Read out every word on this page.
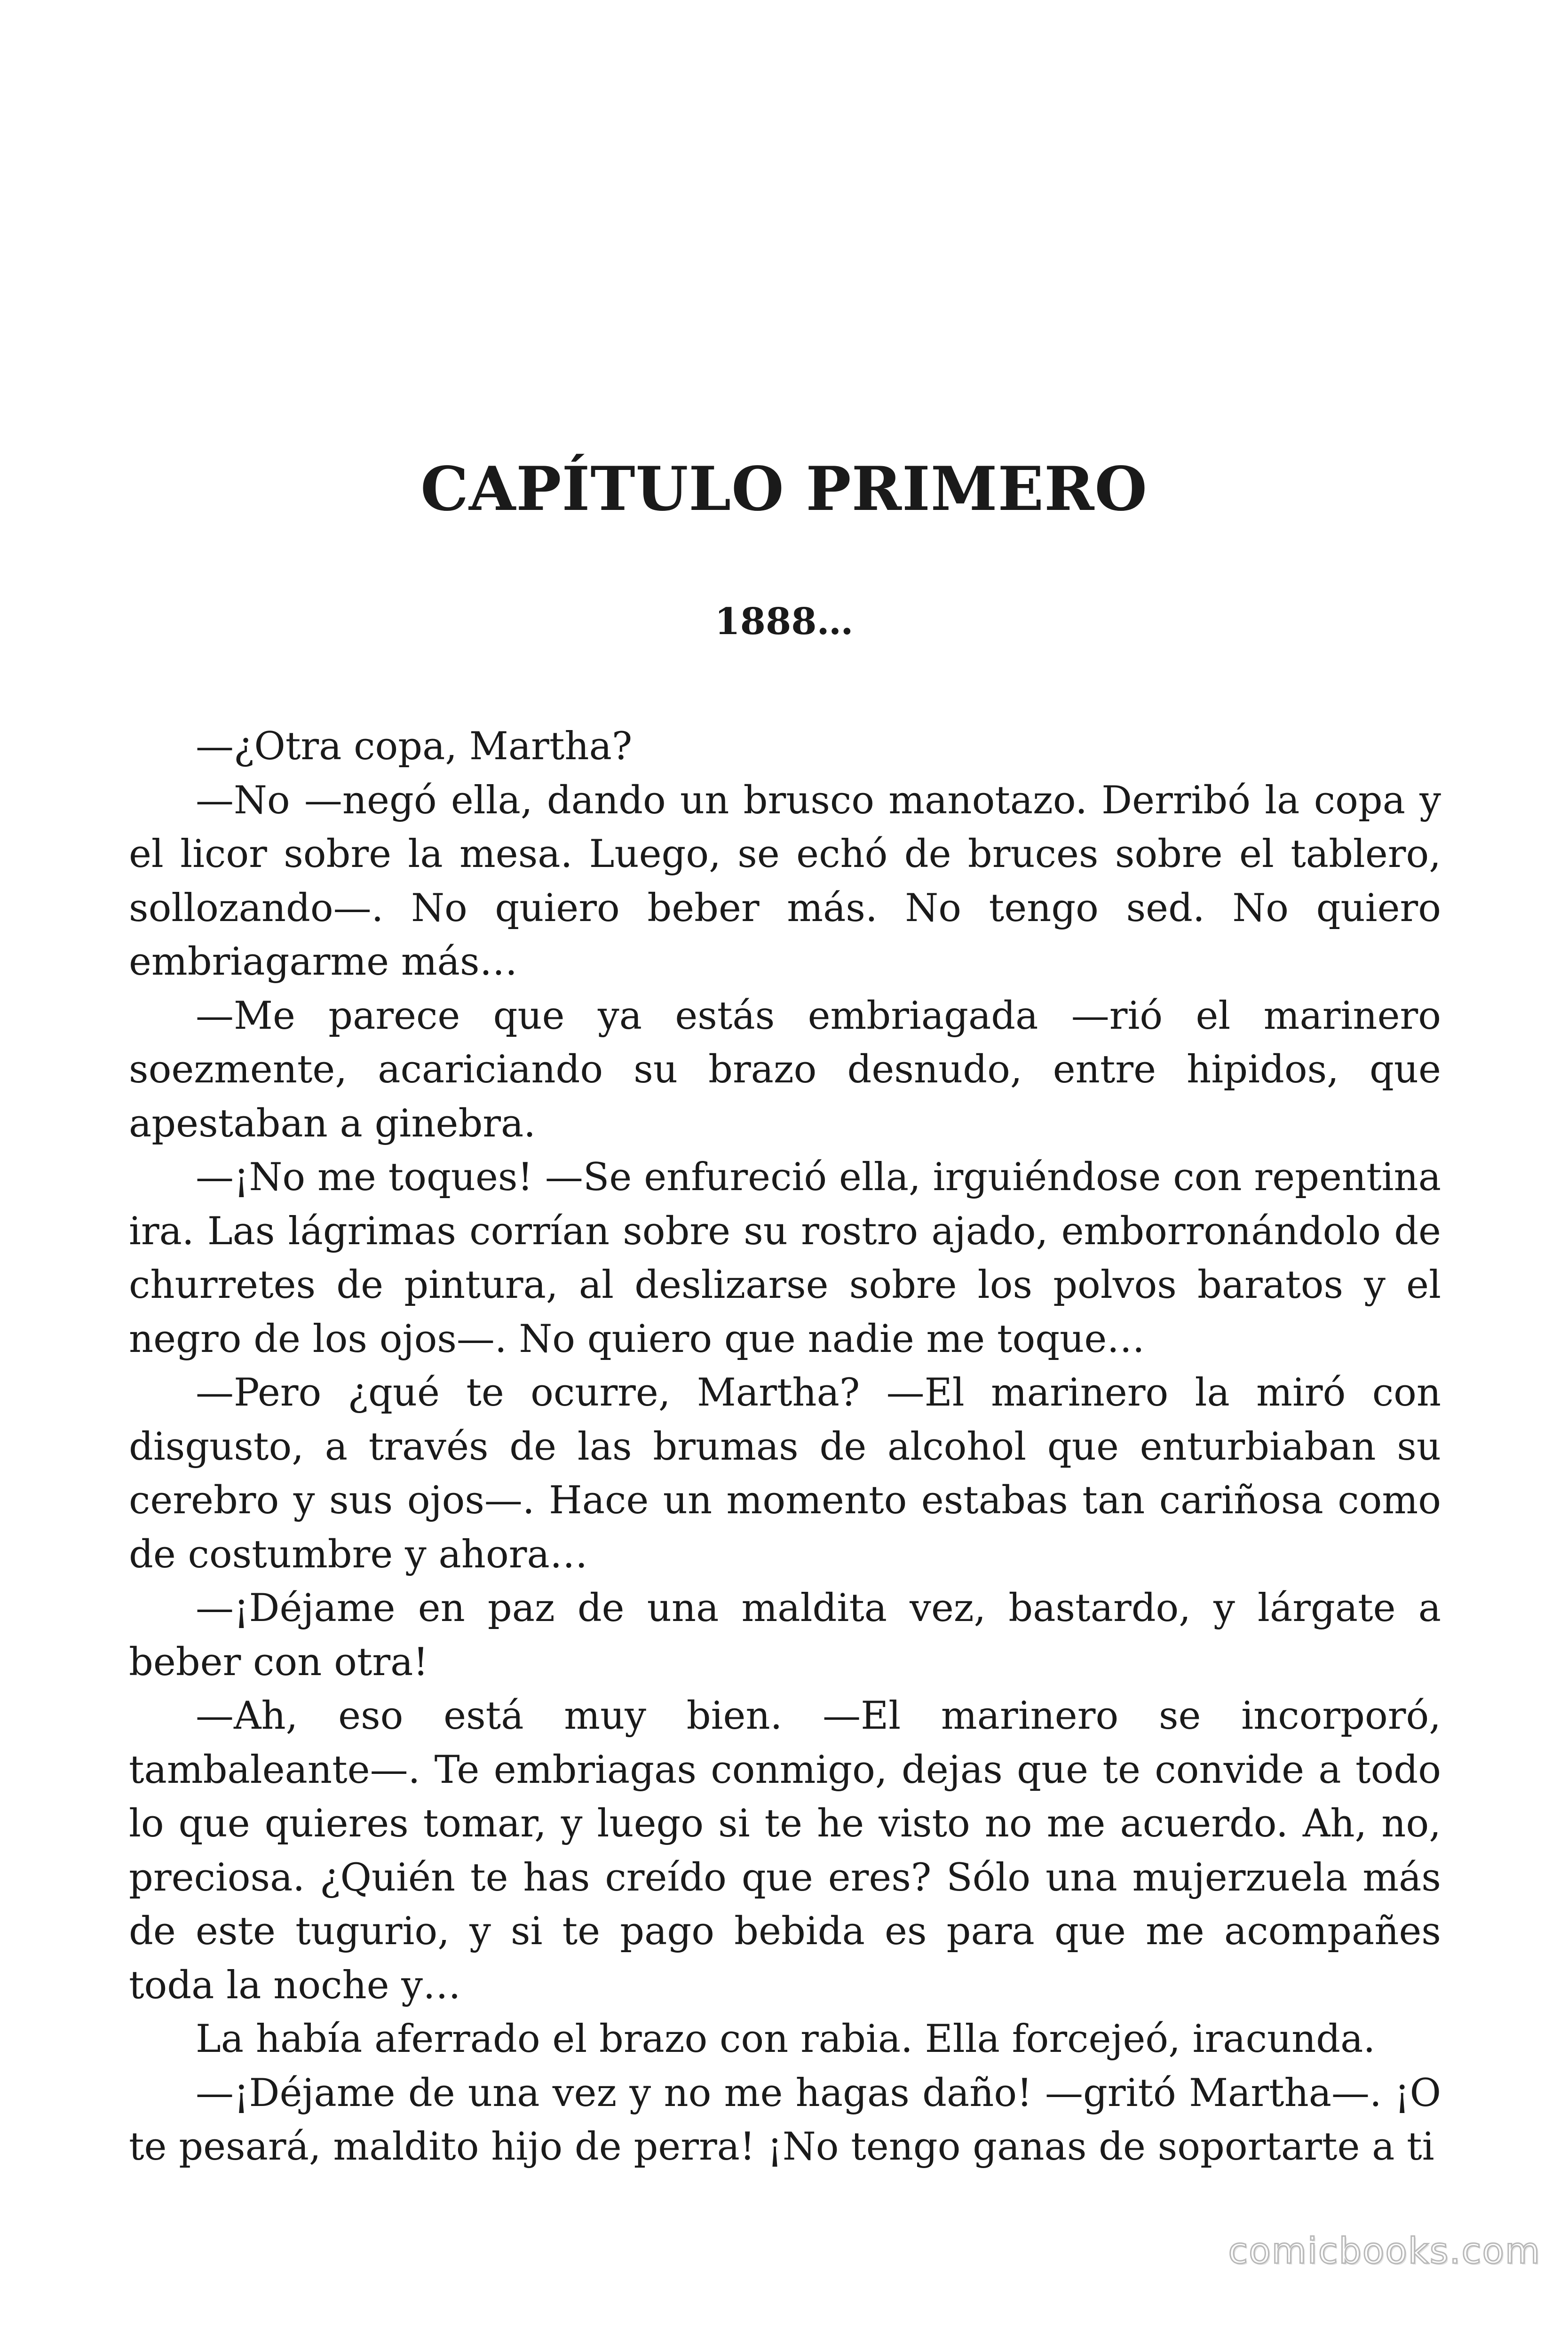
CAPÍTULO PRIMERO
1888…

—¿Otra copa, Martha?

—No —negó ella, dando un brusco manotazo. Derribó la copa y el licor sobre la mesa. Luego, se echó de bruces sobre el tablero, sollozando—. No quiero beber más. No tengo sed. No quiero embriagarme más…

—Me parece que ya estás embriagada —rió el marinero soezmente, acariciando su brazo desnudo, entre hipidos, que apestaban a ginebra.

—¡No me toques! —Se enfureció ella, irguiéndose con repentina ira. Las lágrimas corrían sobre su rostro ajado, emborronándolo de churretes de pintura, al deslizarse sobre los polvos baratos y el negro de los ojos—. No quiero que nadie me toque…

—Pero ¿qué te ocurre, Martha? —El marinero la miró con disgusto, a través de las brumas de alcohol que enturbiaban su cerebro y sus ojos—. Hace un momento estabas tan cariñosa como de costumbre y ahora…

—¡Déjame en paz de una maldita vez, bastardo, y lárgate a beber con otra!

—Ah, eso está muy bien. —El marinero se incorporó, tambaleante—. Te embriagas conmigo, dejas que te convide a todo lo que quieres tomar, y luego si te he visto no me acuerdo. Ah, no, preciosa. ¿Quién te has creído que eres? Sólo una mujerzuela más de este tugurio, y si te pago bebida es para que me acompañes toda la noche y…

La había aferrado el brazo con rabia. Ella forcejeó, iracunda.

—¡Déjame de una vez y no me hagas daño! —gritó Martha—. ¡O te pesará, maldito hijo de perra! ¡No tengo ganas de soportarte a ti

comicbooks.com
